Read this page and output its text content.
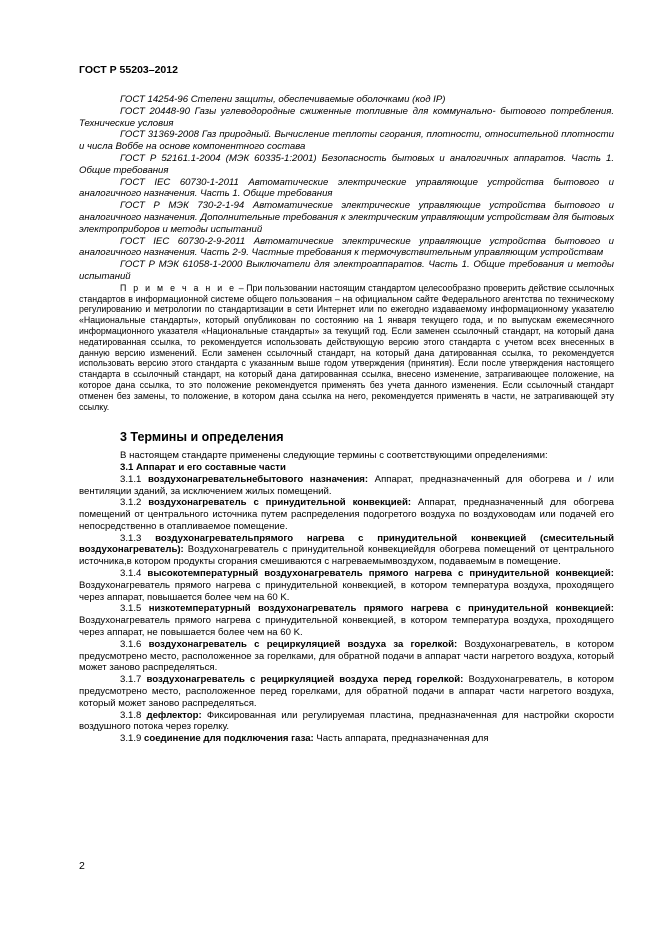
ГОСТ Р 55203–2012

ГОСТ 14254-96 Степени защиты, обеспечиваемые оболочками (код IP)

ГОСТ 20448-90 Газы углеводородные сжиженные топливные для коммунально- бытового потребления. Технические условия

ГОСТ 31369-2008 Газ природный. Вычисление теплоты сгорания, плотности, относительной плотности и числа Воббе на основе компонентного состава

ГОСТ Р 52161.1-2004 (МЭК 60335-1:2001) Безопасность бытовых и аналогичных аппаратов. Часть 1. Общие требования

ГОСТ IEC 60730-1-2011 Автоматические электрические управляющие устройства бытового и аналогичного назначения. Часть 1. Общие требования

ГОСТ Р МЭК 730-2-1-94 Автоматические электрические управляющие устройства бытового и аналогичного назначения. Дополнительные требования к электрическим управляющим устройствам для бытовых электроприборов и методы испытаний

ГОСТ IEC 60730-2-9-2011 Автоматические электрические управляющие устройства бытового и аналогичного назначения. Часть 2-9. Частные требования к термочувствительным управляющим устройствам

ГОСТ Р МЭК 61058-1-2000 Выключатели для электроаппаратов. Часть 1. Общие требования и методы испытаний

П р и м е ч а н и е – При пользовании настоящим стандартом целесообразно проверить действие ссылочных стандартов в информационной системе общего пользования – на официальном сайте Федерального агентства по техническому регулированию и метрологии по стандартизации в сети Интернет или по ежегодно издаваемому информационному указателю «Национальные стандарты», который опубликован по состоянию на 1 января текущего года, и по выпускам ежемесячного информационного указателя «Национальные стандарты» за текущий год. Если заменен ссылочный стандарт, на который дана недатированная ссылка, то рекомендуется использовать действующую версию этого стандарта с учетом всех внесенных в данную версию изменений. Если заменен ссылочный стандарт, на который дана датированная ссылка, то рекомендуется использовать версию этого стандарта с указанным выше годом утверждения (принятия). Если после утверждения настоящего стандарта в ссылочный стандарт, на который дана датированная ссылка, внесено изменение, затрагивающее положение, на которое дана ссылка, то это положение рекомендуется применять без учета данного изменения. Если ссылочный стандарт отменен без замены, то положение, в котором дана ссылка на него, рекомендуется применять в части, не затрагивающей эту ссылку.

3 Термины и определения

В настоящем стандарте применены следующие термины с соответствующими определениями:

3.1 Аппарат и его составные части

3.1.1 воздухонагревательнебытового назначения: Аппарат, предназначенный для обогрева и / или вентиляции зданий, за исключением жилых помещений.

3.1.2 воздухонагреватель с принудительной конвекцией: Аппарат, предназначенный для обогрева помещений от центрального источника путем распределения подогретого воздуха по воздуховодам или подачей его непосредственно в отапливаемое помещение.

3.1.3 воздухонагревательпрямого нагрева с принудительной конвекцией (смесительный воздухонагреватель): Воздухонагреватель с принудительной конвекциейдля обогрева помещений от центрального источника,в котором продукты сгорания смешиваются с нагреваемымвоздухом, подаваемым в помещение.

3.1.4 высокотемпературный воздухонагреватель прямого нагрева с принудительной конвекцией: Воздухонагреватель прямого нагрева с принудительной конвекцией, в котором температура воздуха, проходящего через аппарат, повышается более чем на 60 K.

3.1.5 низкотемпературный воздухонагреватель прямого нагрева с принудительной конвекцией: Воздухонагреватель прямого нагрева с принудительной конвекцией, в котором температура воздуха, проходящего через аппарат, не повышается более чем на 60 K.

3.1.6 воздухонагреватель с рециркуляцией воздуха за горелкой: Воздухонагреватель, в котором предусмотрено место, расположенное за горелками, для обратной подачи в аппарат части нагретого воздуха, который может заново распределяться.

3.1.7 воздухонагреватель с рециркуляцией воздуха перед горелкой: Воздухонагреватель, в котором предусмотрено место, расположенное перед горелками, для обратной подачи в аппарат части нагретого воздуха, который может заново распределяться.

3.1.8 дефлектор: Фиксированная или регулируемая пластина, предназначенная для настройки скорости воздушного потока через горелку.

3.1.9 соединение для подключения газа: Часть аппарата, предназначенная для

2
